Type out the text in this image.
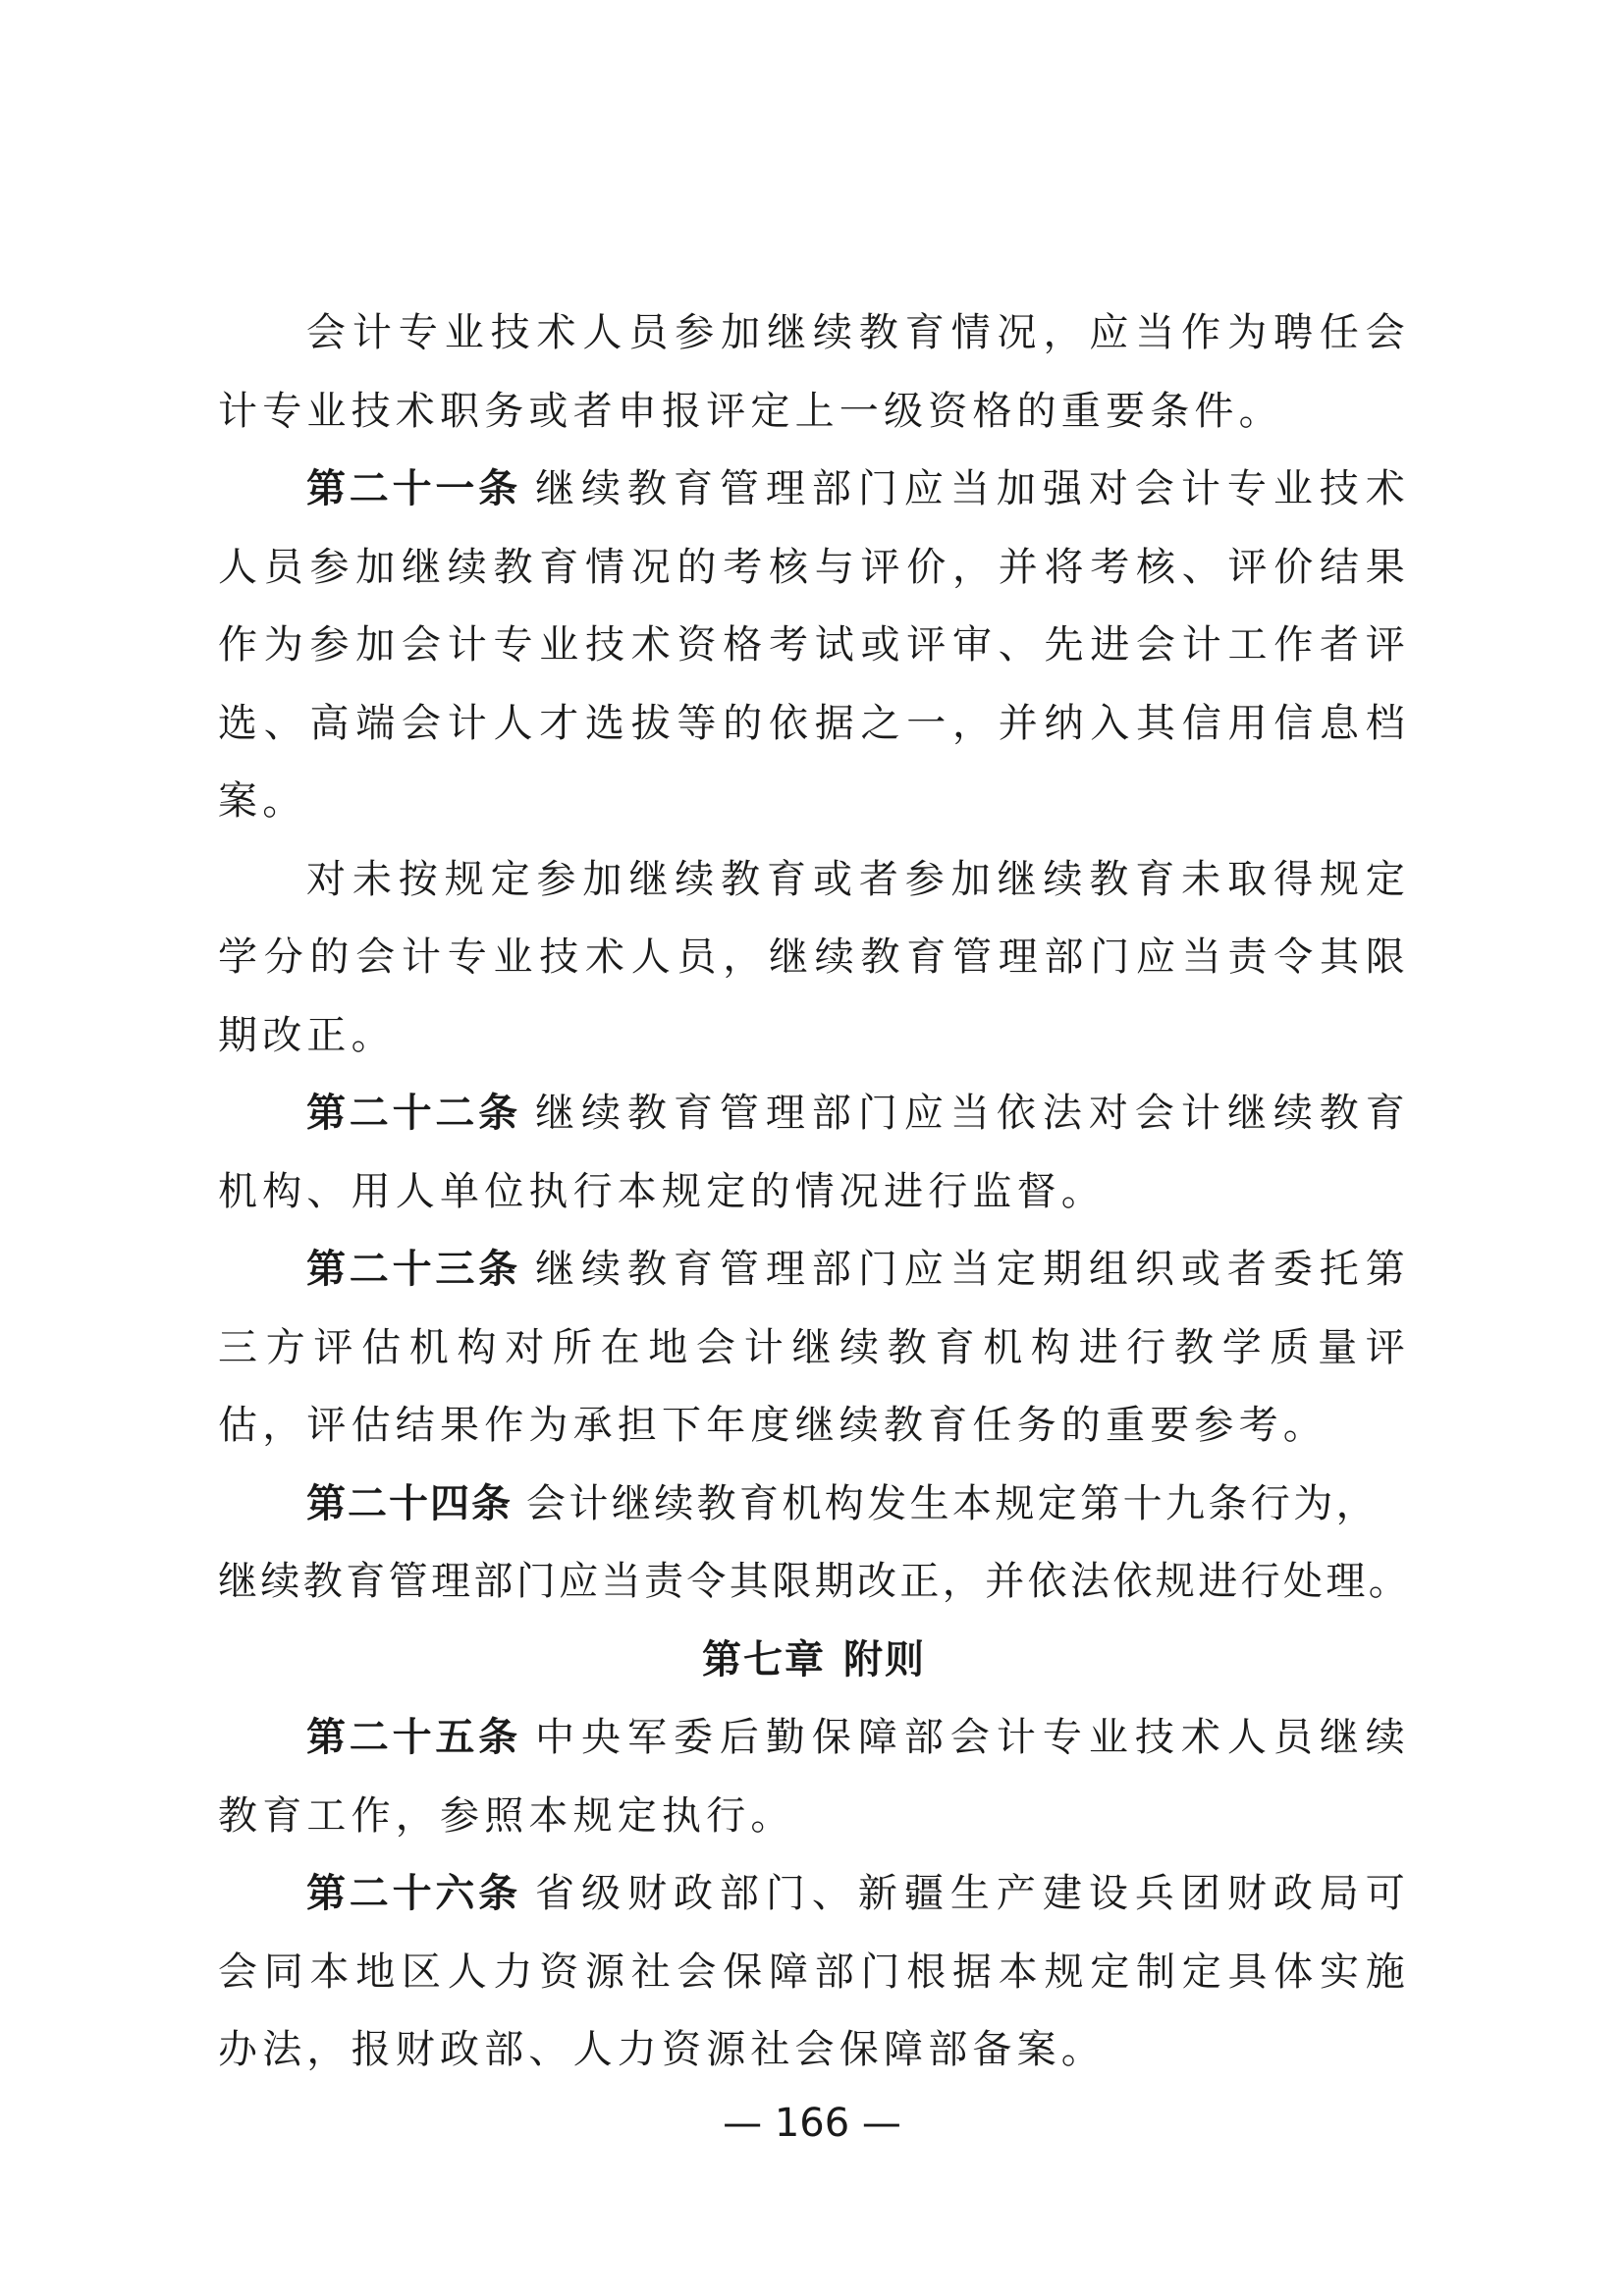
会计专业技术人员参加继续教育情况，应当作为聘任会计专业技术职务或者申报评定上一级资格的重要条件。

第二十一条 继续教育管理部门应当加强对会计专业技术人员参加继续教育情况的考核与评价，并将考核、评价结果作为参加会计专业技术资格考试或评审、先进会计工作者评选、高端会计人才选拔等的依据之一，并纳入其信用信息档案。

对未按规定参加继续教育或者参加继续教育未取得规定学分的会计专业技术人员，继续教育管理部门应当责令其限期改正。

第二十二条 继续教育管理部门应当依法对会计继续教育机构、用人单位执行本规定的情况进行监督。

第二十三条 继续教育管理部门应当定期组织或者委托第三方评估机构对所在地会计继续教育机构进行教学质量评估，评估结果作为承担下年度继续教育任务的重要参考。

第二十四条 会计继续教育机构发生本规定第十九条行为，
继续教育管理部门应当责令其限期改正，并依法依规进行处理。

第七章 附则

第二十五条 中央军委后勤保障部会计专业技术人员继续教育工作，参照本规定执行。

第二十六条 省级财政部门、新疆生产建设兵团财政局可会同本地区人力资源社会保障部门根据本规定制定具体实施办法，报财政部、人力资源社会保障部备案。

— 166 —
